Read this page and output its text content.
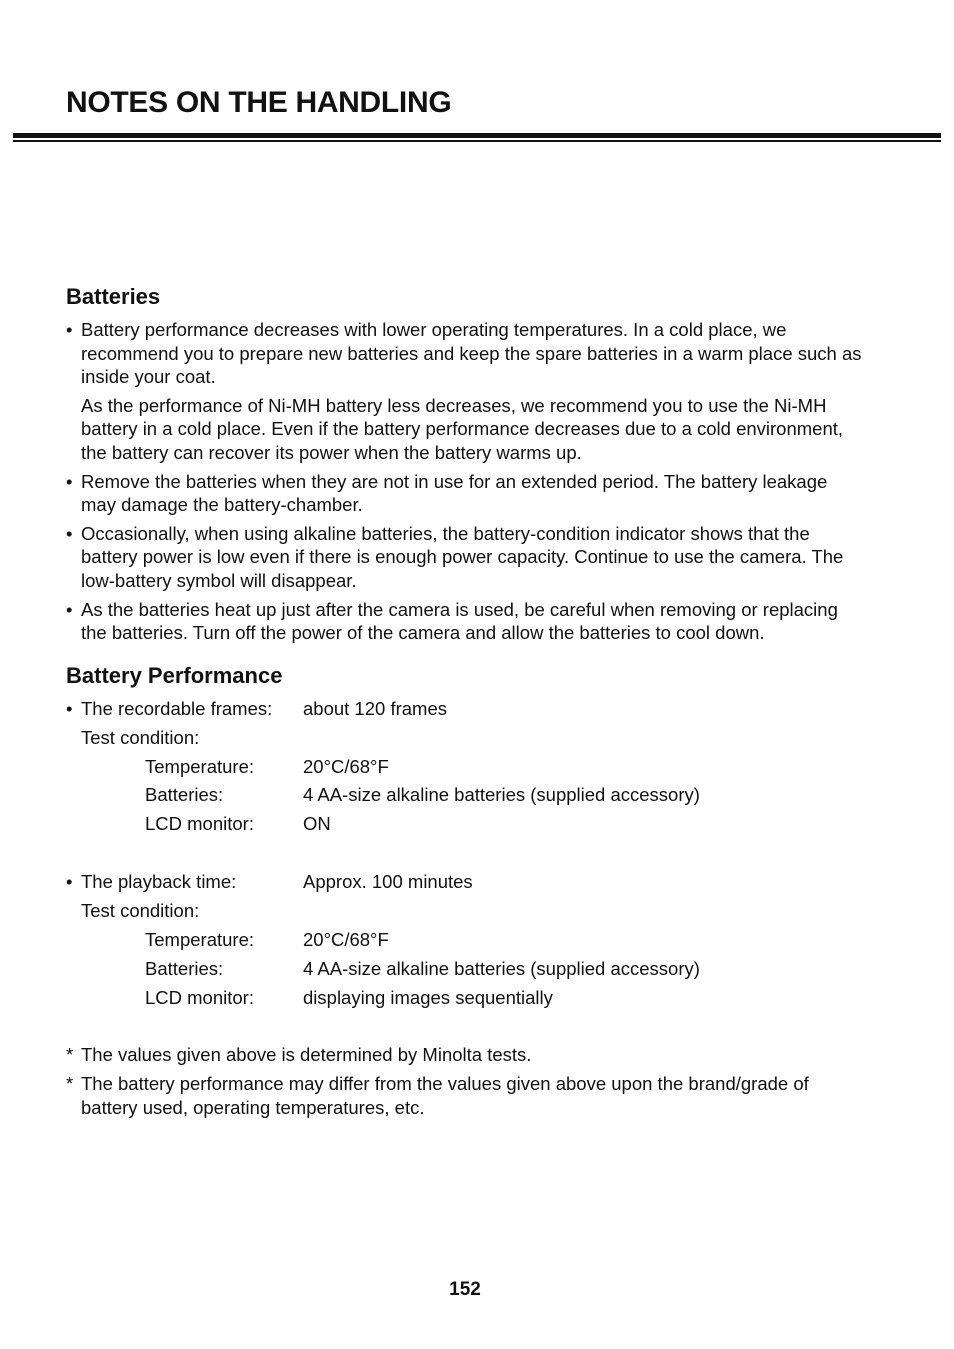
NOTES ON THE HANDLING
Batteries
• Battery performance decreases with lower operating temperatures. In a cold place, we recommend you to prepare new batteries and keep the spare batteries in a warm place such as inside your coat.

As the performance of Ni-MH battery less decreases, we recommend you to use the Ni-MH battery in a cold place. Even if the battery performance decreases due to a cold environment, the battery can recover its power when the battery warms up.

• Remove the batteries when they are not in use for an extended period. The battery leakage may damage the battery-chamber.

• Occasionally, when using alkaline batteries, the battery-condition indicator shows that the battery power is low even if there is enough power capacity. Continue to use the camera. The low-battery symbol will disappear.

• As the batteries heat up just after the camera is used, be careful when removing or replacing the batteries. Turn off the power of the camera and allow the batteries to cool down.

Battery Performance
• The recordable frames: about 120 frames
Test condition:
Temperature:	20°C/68°F
Batteries:	4 AA-size alkaline batteries (supplied accessory)
LCD monitor:	ON
• The playback time:	Approx. 100 minutes
Test condition:
Temperature:	20°C/68°F
Batteries:	4 AA-size alkaline batteries (supplied accessory)
LCD monitor:	displaying images sequentially
* The values given above is determined by Minolta tests.
* The battery performance may differ from the values given above upon the brand/grade of battery used, operating temperatures, etc.
152
